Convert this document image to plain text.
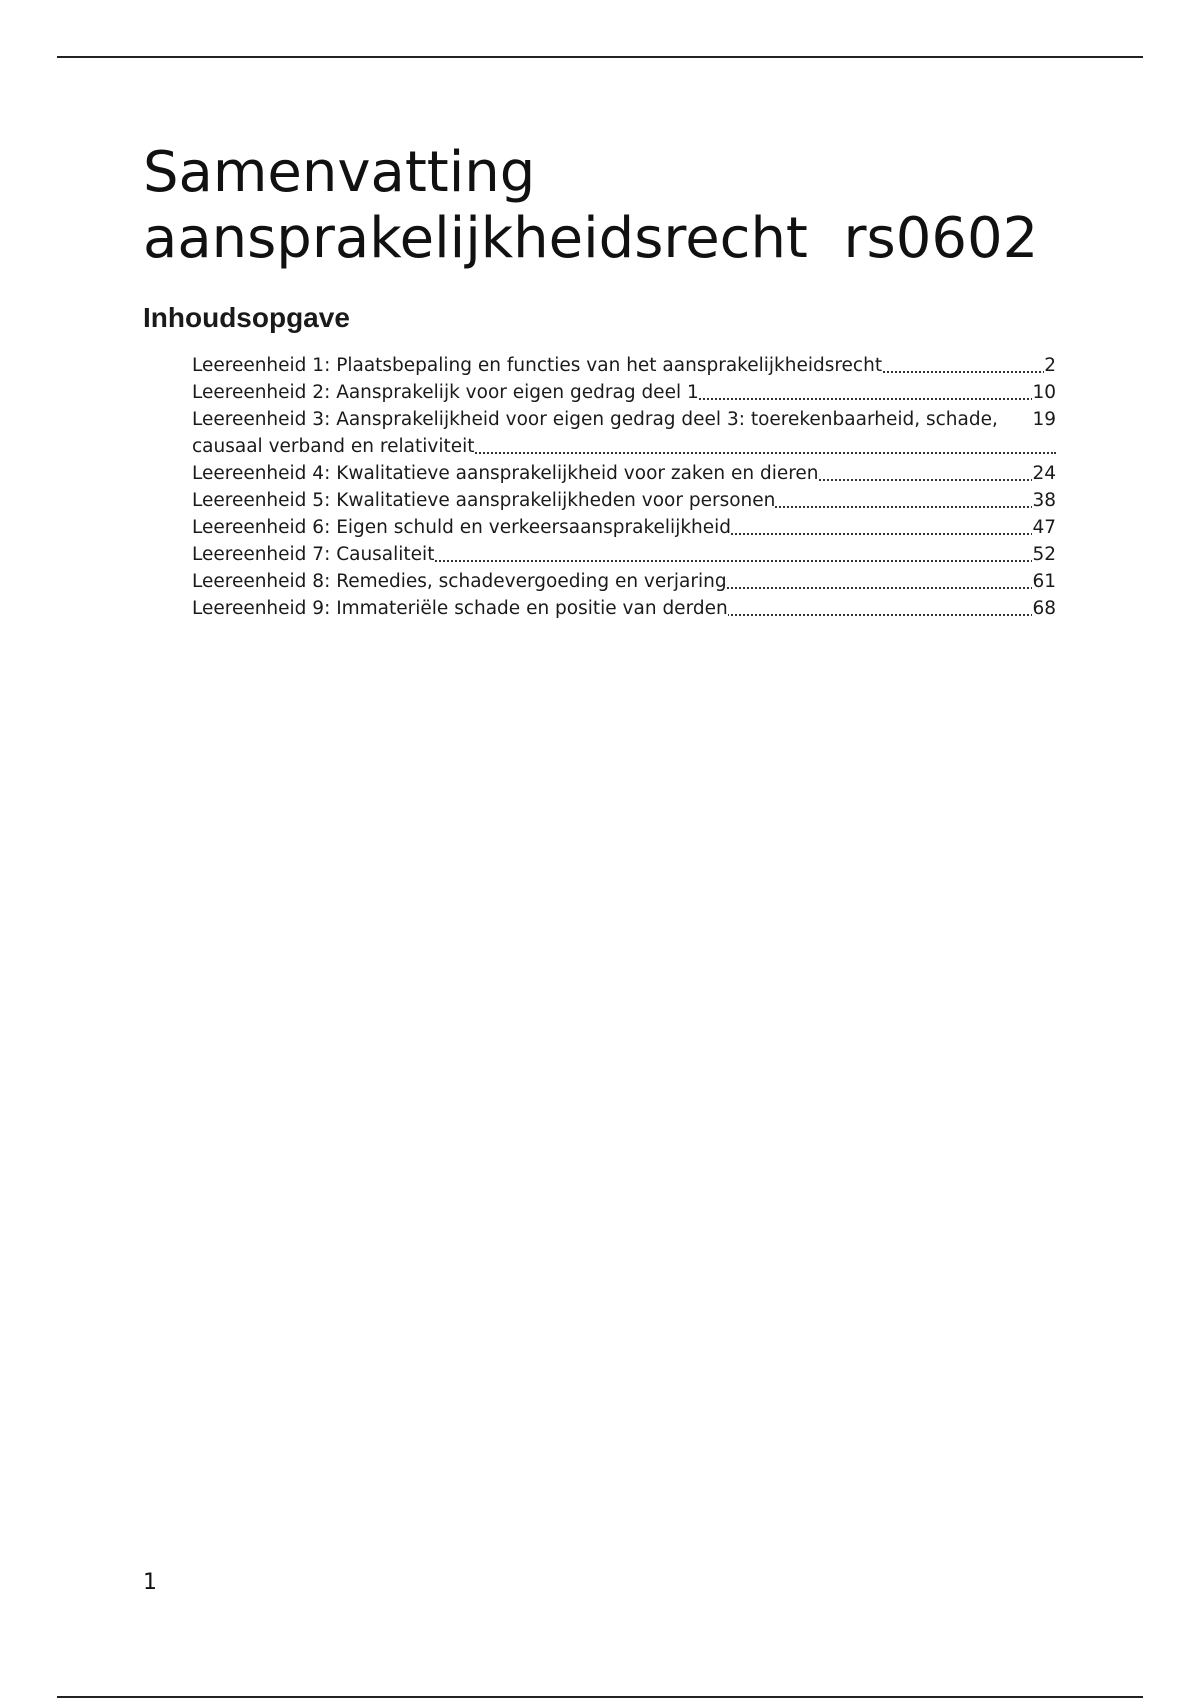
Samenvatting
aansprakelijkheidsrecht  rs0602
Inhoudsopgave
2
Leereenheid 1: Plaatsbepaling en functies van het aansprakelijkheidsrecht
10
Leereenheid 2: Aansprakelijk voor eigen gedrag deel 1
19
Leereenheid 3: Aansprakelijkheid voor eigen gedrag deel 3: toerekenbaarheid, schade, causaal verband en relativiteit
24
Leereenheid 4: Kwalitatieve aansprakelijkheid voor zaken en dieren
38
Leereenheid 5: Kwalitatieve aansprakelijkheden voor personen
47
Leereenheid 6: Eigen schuld en verkeersaansprakelijkheid
52
Leereenheid 7: Causaliteit
61
Leereenheid 8: Remedies, schadevergoeding en verjaring
68
Leereenheid 9: Immateriële schade en positie van derden
1
